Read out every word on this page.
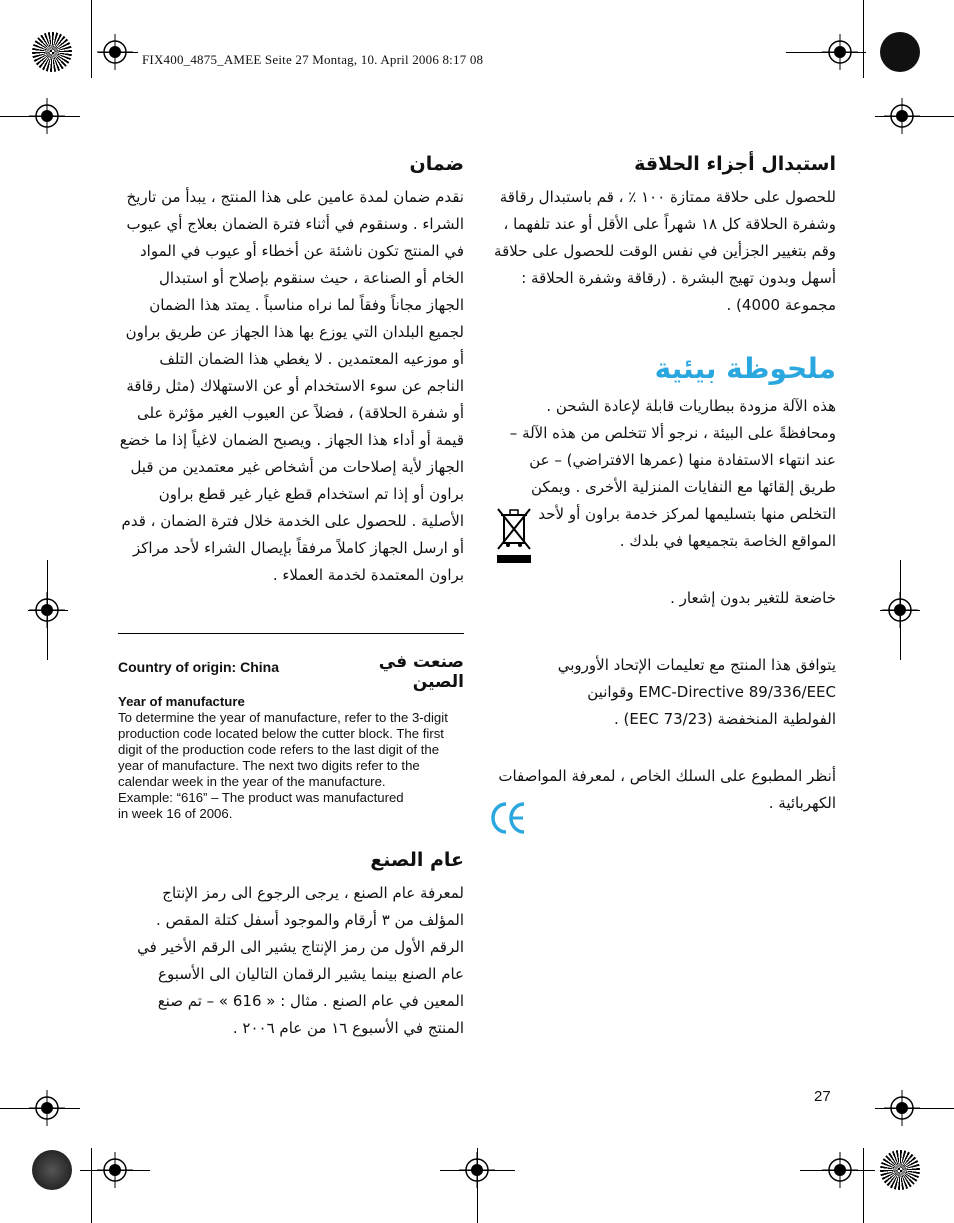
FIX400_4875_AMEE Seite 27 Montag, 10. April 2006 8:17 08
استبدال أجزاء الحلاقة

للحصول على حلاقة ممتازة ١٠٠ ٪ ، قم باستبدال رقاقة وشفرة الحلاقة كل ١٨ شهراً على الأقل أو عند تلفهما ، وقم بتغيير الجزأين في نفس الوقت للحصول على حلاقة أسهل وبدون تهيج البشرة . (رقاقة وشفرة الحلاقة : مجموعة 4000) .

ملحوظة بيئية

هذه الآلة مزودة ببطاريات قابلة لإعادة الشحن . ومحافظةً على البيئة ، نرجو ألا تتخلص من هذه الآلة – عند انتهاء الاستفادة منها (عمرها الافتراضي) – عن طريق إلقائها مع النفايات المنزلية الأخرى . ويمكن التخلص منها بتسليمها لمركز خدمة براون أو لأحد المواقع الخاصة بتجميعها في بلدك .

خاضعة للتغير بدون إشعار .

يتوافق هذا المنتج مع تعليمات الإتحاد الأوروبي EMC-Directive 89/336/EEC وقوانين الفولطية المنخفضة (73/23 EEC) .

أنظر المطبوع على السلك الخاص ، لمعرفة المواصفات الكهربائية .

ضمان

نقدم ضمان لمدة عامين على هذا المنتج ، يبدأ من تاريخ الشراء . وسنقوم في أثناء فترة الضمان بعلاج أي عيوب في المنتج تكون ناشئة عن أخطاء أو عيوب في المواد الخام أو الصناعة ، حيث سنقوم بإصلاح أو استبدال الجهاز مجاناً وفقاً لما نراه مناسباً . يمتد هذا الضمان لجميع البلدان التي يوزع بها هذا الجهاز عن طريق براون أو موزعيه المعتمدين . لا يغطي هذا الضمان التلف الناجم عن سوء الاستخدام أو عن الاستهلاك (مثل رقاقة أو شفرة الحلاقة) ، فضلاً عن العيوب الغير مؤثرة على قيمة أو أداء هذا الجهاز . ويصبح الضمان لاغياً إذا ما خضع الجهاز لأية إصلاحات من أشخاص غير معتمدين من قبل براون أو إذا تم استخدام قطع غيار غير قطع براون الأصلية . للحصول على الخدمة خلال فترة الضمان ، قدم أو ارسل الجهاز كاملاً مرفقاً بإيصال الشراء لأحد مراكز براون المعتمدة لخدمة العملاء .

Country of origin: China	صنعت في الصين

Year of manufacture

To determine the year of manufacture, refer to the 3-digit production code located below the cutter block. The first digit of the production code refers to the last digit of the year of manufacture. The next two digits refer to the calendar week in the year of the manufacture.

Example: “616” – The product was manufactured

in week 16 of 2006.

عام الصنع

لمعرفة عام الصنع ، يرجى الرجوع الى رمز الإنتاج المؤلف من ٣ أرقام والموجود أسفل كتلة المقص . الرقم الأول من رمز الإنتاج يشير الى الرقم الأخير في عام الصنع بينما يشير الرقمان التاليان الى الأسبوع المعين في عام الصنع . مثال : « 616 » – تم صنع المنتج في الأسبوع ١٦ من عام ٢٠٠٦ .

27
